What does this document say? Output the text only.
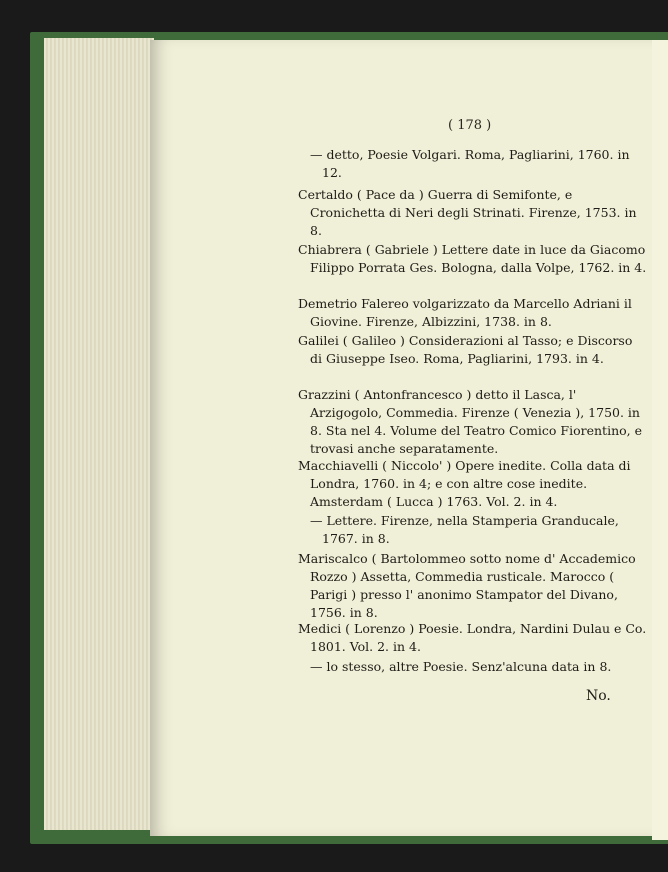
( 178 )
— detto, Poesie Volgari. Roma, Pagliarini, 1760. in 12.
Certaldo ( Pace da ) Guerra di Semifonte, e Cronichetta di Neri degli Strinati. Firenze, 1753. in 8.
Chiabrera ( Gabriele ) Lettere date in luce da Giacomo Filippo Porrata Ges. Bologna, dalla Volpe, 1762. in 4.
Demetrio Falereo volgarizzato da Marcello Adriani il Giovine. Firenze, Albizzini, 1738. in 8.
Galilei ( Galileo ) Considerazioni al Tasso; e Discorso di Giuseppe Iseo. Roma, Pagliarini, 1793. in 4.
Grazzini ( Antonfrancesco ) detto il Lasca, l' Arzigogolo, Commedia. Firenze ( Venezia ), 1750. in 8. Sta nel 4. Volume del Teatro Comico Fiorentino, e trovasi anche separatamente.
Macchiavelli ( Niccolo' ) Opere inedite. Colla data di Londra, 1760. in 4; e con altre cose inedite. Amsterdam ( Lucca ) 1763. Vol. 2. in 4.
— Lettere. Firenze, nella Stamperia Granducale, 1767. in 8.
Mariscalco ( Bartolommeo sotto nome d' Accademico Rozzo ) Assetta, Commedia rusticale. Marocco ( Parigi ) presso l' anonimo Stampator del Divano, 1756. in 8.
Medici ( Lorenzo ) Poesie. Londra, Nardini Dulau e Co. 1801. Vol. 2. in 4.
— lo stesso, altre Poesie. Senz'alcuna data in 8.
No.
